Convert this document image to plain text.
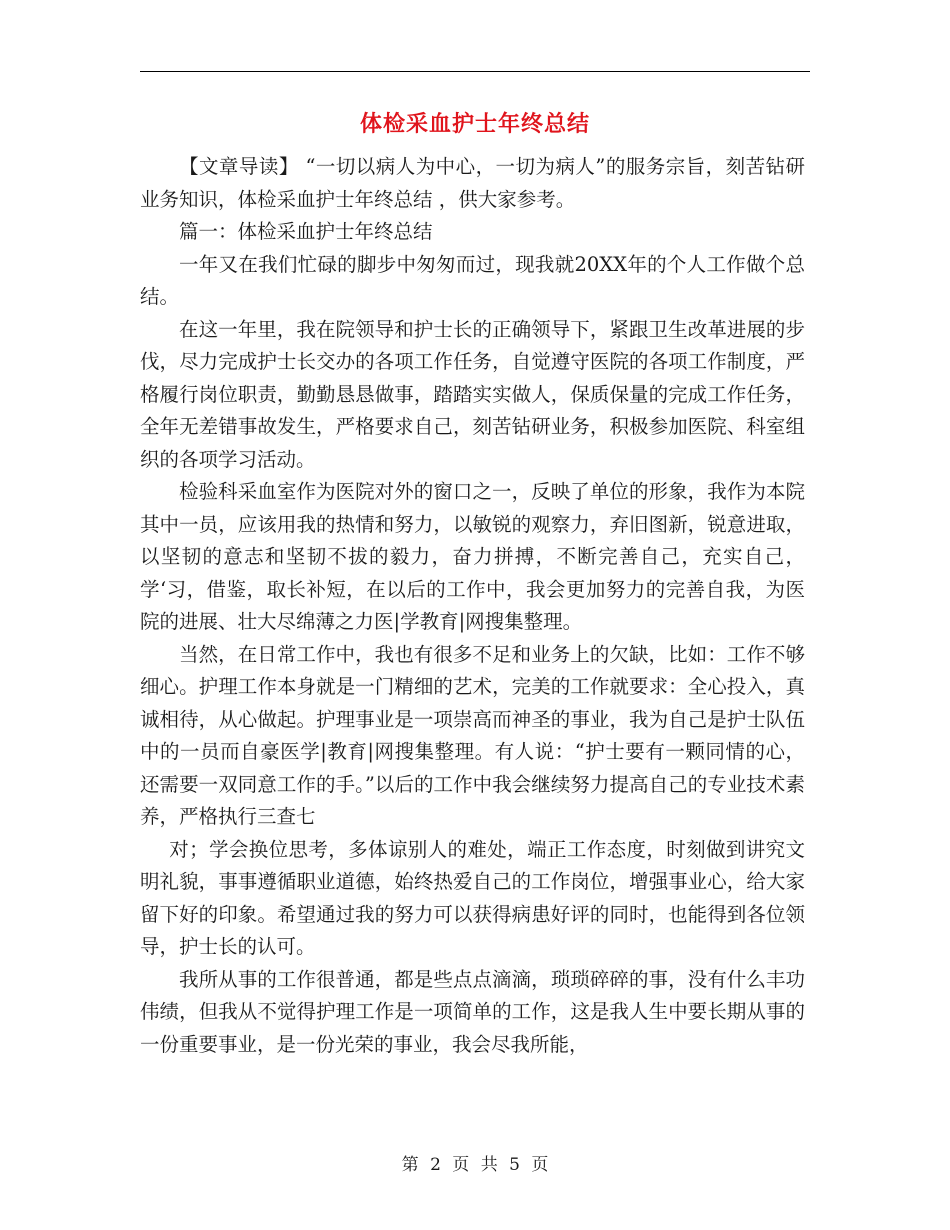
体检采血护士年终总结

【文章导读】 “一切以病人为中心，一切为病人”的服务宗旨，刻苦钻研业务知识，体检采血护士年终总结 ，供大家参考。

篇一：体检采血护士年终总结

一年又在我们忙碌的脚步中匆匆而过，现我就20XX年的个人工作做个总结。

在这一年里，我在院领导和护士长的正确领导下，紧跟卫生改革进展的步伐，尽力完成护士长交办的各项工作任务，自觉遵守医院的各项工作制度，严格履行岗位职责，勤勤恳恳做事，踏踏实实做人，保质保量的完成工作任务，全年无差错事故发生，严格要求自己，刻苦钻研业务，积极参加医院、科室组织的各项学习活动。

检验科采血室作为医院对外的窗口之一，反映了单位的形象，我作为本院其中一员，应该用我的热情和努力，以敏锐的观察力，弃旧图新，锐意进取，以坚韧的意志和坚韧不拔的毅力，奋力拼搏，不断完善自己，充实自己，学‘习，借鉴，取长补短，在以后的工作中，我会更加努力的完善自我，为医院的进展、壮大尽绵薄之力医|学教育|网搜集整理。

当然，在日常工作中，我也有很多不足和业务上的欠缺，比如：工作不够细心。护理工作本身就是一门精细的艺术，完美的工作就要求：全心投入，真诚相待，从心做起。护理事业是一项崇高而神圣的事业，我为自己是护士队伍中的一员而自豪医学|教育|网搜集整理。有人说：“护士要有一颗同情的心，还需要一双同意工作的手。”以后的工作中我会继续努力提高自己的专业技术素养，严格执行三查七

对；学会换位思考，多体谅别人的难处，端正工作态度，时刻做到讲究文明礼貌，事事遵循职业道德，始终热爱自己的工作岗位，增强事业心，给大家留下好的印象。希望通过我的努力可以获得病患好评的同时，也能得到各位领导，护士长的认可。

我所从事的工作很普通，都是些点点滴滴，琐琐碎碎的事，没有什么丰功伟绩，但我从不觉得护理工作是一项简单的工作，这是我人生中要长期从事的一份重要事业，是一份光荣的事业，我会尽我所能，

第 2 页 共 5 页
